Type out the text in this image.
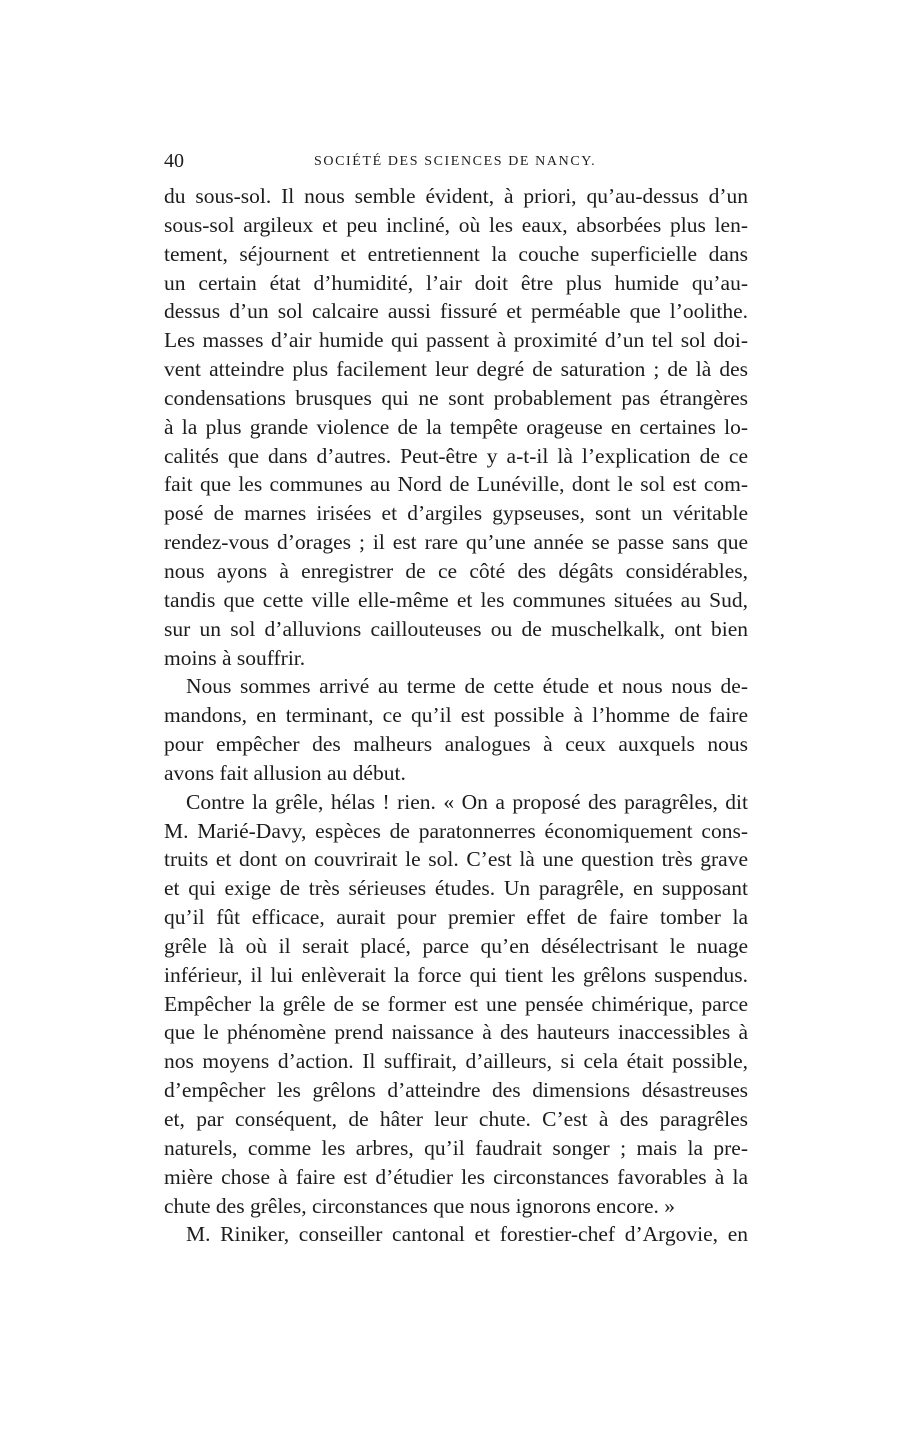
40	SOCIÉTÉ DES SCIENCES DE NANCY.
du sous-sol. Il nous semble évident, à priori, qu’au-dessus d’un
sous-sol argileux et peu incliné, où les eaux, absorbées plus len-
tement, séjournent et entretiennent la couche superficielle dans
un certain état d’humidité, l’air doit être plus humide qu’au-
dessus d’un sol calcaire aussi fissuré et perméable que l’oolithe.
Les masses d’air humide qui passent à proximité d’un tel sol doi-
vent atteindre plus facilement leur degré de saturation ; de là des
condensations brusques qui ne sont probablement pas étrangères
à la plus grande violence de la tempête orageuse en certaines lo-
calités que dans d’autres. Peut-être y a-t-il là l’explication de ce
fait que les communes au Nord de Lunéville, dont le sol est com-
posé de marnes irisées et d’argiles gypseuses, sont un véritable
rendez-vous d’orages ; il est rare qu’une année se passe sans que
nous ayons à enregistrer de ce côté des dégâts considérables,
tandis que cette ville elle-même et les communes situées au Sud,
sur un sol d’alluvions caillouteuses ou de muschelkalk, ont bien
moins à souffrir.
Nous sommes arrivé au terme de cette étude et nous nous de-
mandons, en terminant, ce qu’il est possible à l’homme de faire
pour empêcher des malheurs analogues à ceux auxquels nous
avons fait allusion au début.
Contre la grêle, hélas ! rien. « On a proposé des paragrêles, dit
M. Marié-Davy, espèces de paratonnerres économiquement cons-
truits et dont on couvrirait le sol. C’est là une question très grave
et qui exige de très sérieuses études. Un paragrêle, en supposant
qu’il fût efficace, aurait pour premier effet de faire tomber la
grêle là où il serait placé, parce qu’en désélectrisant le nuage
inférieur, il lui enlèverait la force qui tient les grêlons suspendus.
Empêcher la grêle de se former est une pensée chimérique, parce
que le phénomène prend naissance à des hauteurs inaccessibles à
nos moyens d’action. Il suffirait, d’ailleurs, si cela était possible,
d’empêcher les grêlons d’atteindre des dimensions désastreuses
et, par conséquent, de hâter leur chute. C’est à des paragrêles
naturels, comme les arbres, qu’il faudrait songer ; mais la pre-
mière chose à faire est d’étudier les circonstances favorables à la
chute des grêles, circonstances que nous ignorons encore. »
M. Riniker, conseiller cantonal et forestier-chef d’Argovie, en
